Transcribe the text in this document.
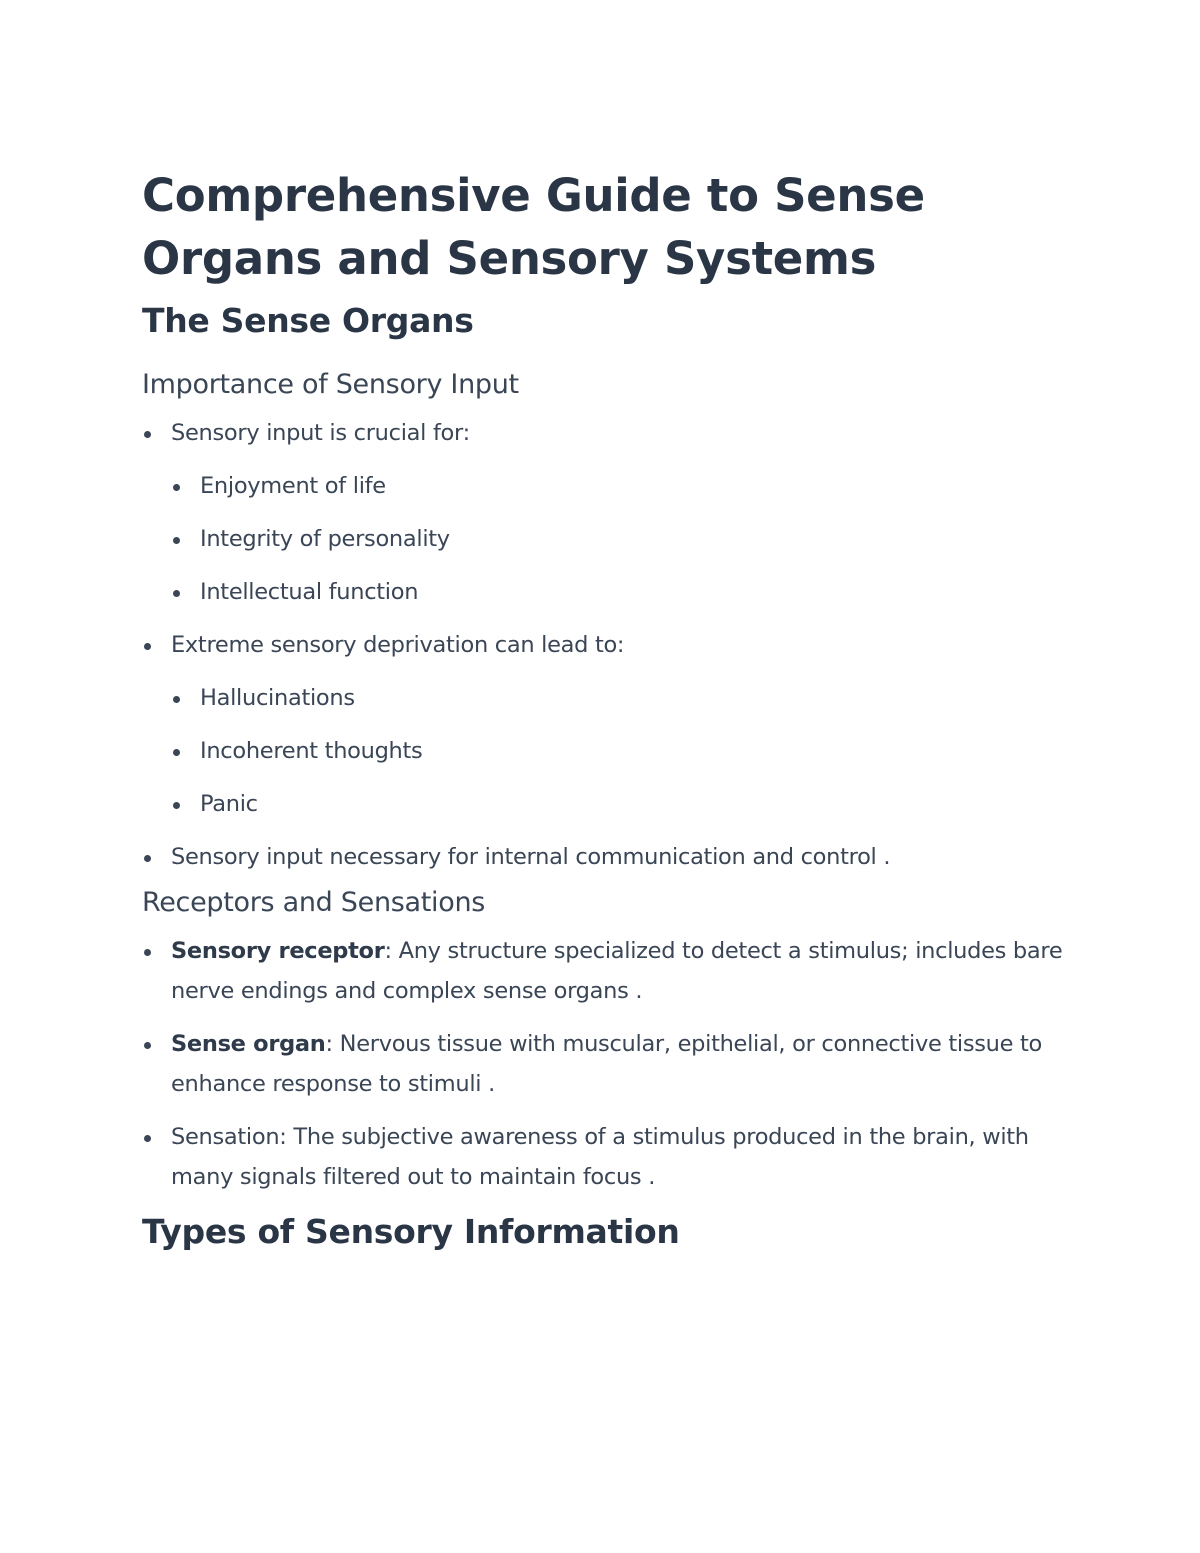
Comprehensive Guide to Sense Organs and Sensory Systems
The Sense Organs
Importance of Sensory Input
Sensory input is crucial for:
Enjoyment of life
Integrity of personality
Intellectual function
Extreme sensory deprivation can lead to:
Hallucinations
Incoherent thoughts
Panic
Sensory input necessary for internal communication and control .
Receptors and Sensations
Sensory receptor: Any structure specialized to detect a stimulus; includes bare nerve endings and complex sense organs .
Sense organ: Nervous tissue with muscular, epithelial, or connective tissue to enhance response to stimuli .
Sensation: The subjective awareness of a stimulus produced in the brain, with many signals filtered out to maintain focus .
Types of Sensory Information
